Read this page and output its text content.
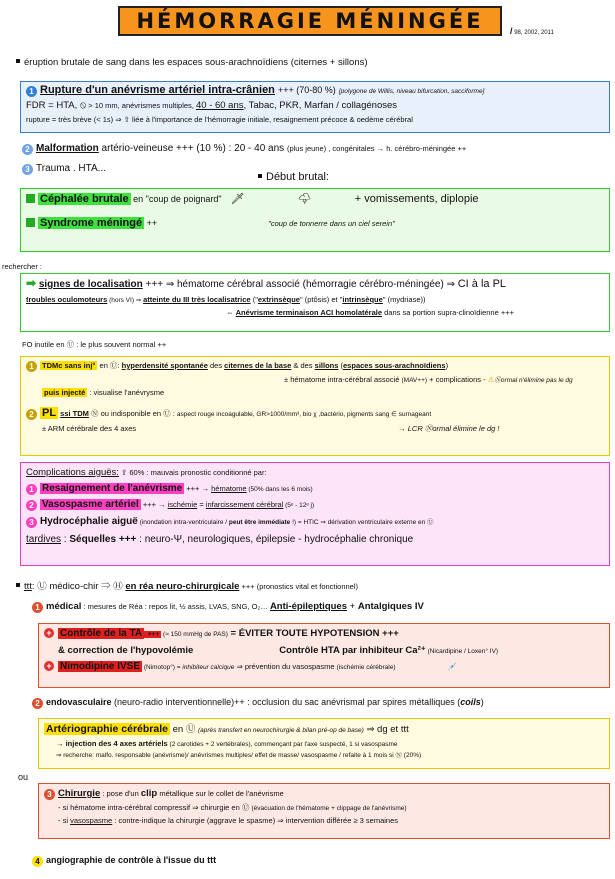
HÉMORRAGIE MÉNINGÉE	/ 98, 2002, 2011
éruption brutale de sang dans les espaces sous-arachnoïdiens (citernes + sillons)
1 Rupture d'un anévrisme artériel intra-crânien +++ (70-80 %) [polygone de Willis, niveau bifurcation, sacciforme]
FDR = HTA, ⦸ > 10 mm, anévrismes multiples, 40 - 60 ans, Tabac, PKR, Marfan / collagénoses
rupture = très brève (< 1s) ⇒ ⇧ liée à l'importance de l'hémorragie initiale, resaignement précoce & oedème cérébral
2 Malformation artério-veineuse +++ (10 %) : 20 - 40 ans (plus jeune) , congénitales → h. cérébro-méningée ++
3 Trauma . HTA...
Début brutal:
Céphalée brutale en "coup de poignard" 🗡	🌩	+ vomissements, diplopie
Syndrome méningé ++	"coup de tonnerre dans un ciel serein"
rechercher :
➡ signes de localisation +++ ⇒ hématome cérébral associé (hémorragie cérébro-méningée) ⇒ CI à la PL
troubles oculomoteurs (hors VI) ⇒ atteinte du III très localisatrice ("extrinsèque" (ptôsis) et "intrinsèque" (mydriase))
⇔ Anévrisme terminaison ACI homolatérale dans sa portion supra-clinoïdienne +++
FO inutile en Ⓤ : le plus souvent normal ++
1 TDMc sans inj° en Ⓤ: hyperdensité spontanée des citernes de la base & des sillons (espaces sous-arachnoïdiens)
± hématome intra-cérébral associé (MAV++) + complications - ⚠Ⓝormal n'élimine pas le dg
puis injecté : visualise l'anévrysme
2 PL ssi TDM Ⓝ ou indisponible en Ⓤ : aspect rouge incoagulable, GR>1000/mm³, bio χ ,bactério, pigments sang ∈ surnageant
± ARM cérébrale des 4 axes	→ LCR Ⓝormal élimine le dg !
Complications aiguës: ⇧ 60% : mauvais pronostic conditionné par:
1 Resaignement de l'anévrisme +++ → hématome (50% dans les 6 mois)
2 Vasospasme artériel +++ → ischémie = infarcissement cérébral (5ᵉ - 12ᵉ j)
3 Hydrocéphalie aiguë (inondation intra-ventriculaire / peut être immédiate !) = HTIC ⇒ dérivation ventriculaire externe en Ⓤ
tardives : Séquelles +++ : neuro-Ψ, neurologiques, épilepsie - hydrocéphalie chronique
ttt: Ⓤ médico-chir ⇒ Ⓗ en réa neuro-chirurgicale +++ (pronostics vital et fonctionnel)
1 médical : mesures de Réa : repos lit, ½ assis, LVAS, SNG, O₂… Anti-épileptiques + Antalgiques IV
+ Contrôle de la TA +++ (≈ 150 mmHg de PAS) = ÉVITER TOUTE HYPOTENSION +++
& correction de l'hypovolémie	Contrôle HTA par inhibiteur Ca²⁺ (Nicardipine / Loxen° IV)
+ Nimodipine IVSE (Nimotop°) = inhibiteur calcique ⇒ prévention du vasospasme (ischémie cérébrale)	💉
2 endovasculaire (neuro-radio interventionnelle)++ : occlusion du sac anévrismal par spires métalliques (coils)
Artériographie cérébrale en Ⓤ (après transfert en neurochirurgie & bilan pré-op de base) ⇒ dg et ttt
→ injection des 4 axes artériels (2 carotides + 2 vertébrales), commençant par l'axe suspecté, 1 si vasospasme
⇒ recherche: malfo. responsable (anévrisme)/ anévrismes multiples/ effet de masse/ vasospasme / refaite à 1 mois si Ⓝ (20%)
ou
3 Chirurgie : pose d'un clip métallique sur le collet de l'anévrisme
- si hématome intra-cérébral compressif ⇒ chirurgie en Ⓤ (évacuation de l'hématome + clippage de l'anévrisme)
- si vasospasme : contre-indique la chirurgie (aggrave le spasme) ⇒ intervention différée ≥ 3 semaines
4 angiographie de contrôle à l'issue du ttt
